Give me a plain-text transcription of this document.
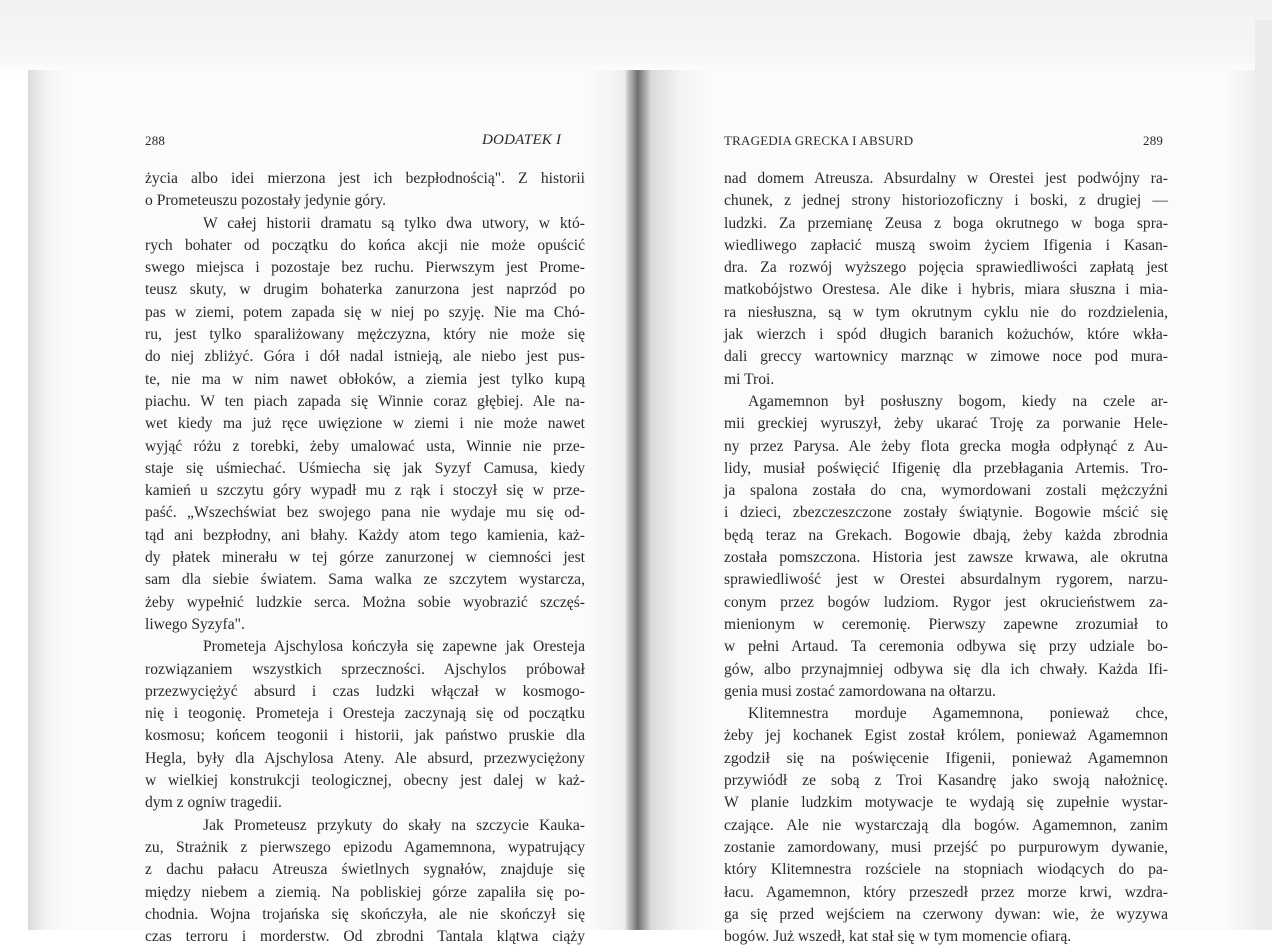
288	DODATEK I	TRAGEDIA GRECKA I ABSURD	289
życia albo idei mierzona jest ich bezpłodnością". Z historii
o Prometeuszu pozostały jedynie góry.
W całej historii dramatu są tylko dwa utwory, w któ-
rych bohater od początku do końca akcji nie może opuścić
swego miejsca i pozostaje bez ruchu. Pierwszym jest Prome-
teusz skuty, w drugim bohaterka zanurzona jest naprzód po
pas w ziemi, potem zapada się w niej po szyję. Nie ma Chó-
ru, jest tylko sparaliżowany mężczyzna, który nie może się
do niej zbliżyć. Góra i dół nadal istnieją, ale niebo jest pus-
te, nie ma w nim nawet obłoków, a ziemia jest tylko kupą
piachu. W ten piach zapada się Winnie coraz głębiej. Ale na-
wet kiedy ma już ręce uwięzione w ziemi i nie może nawet
wyjąć różu z torebki, żeby umalować usta, Winnie nie prze-
staje się uśmiechać. Uśmiecha się jak Syzyf Camusa, kiedy
kamień u szczytu góry wypadł mu z rąk i stoczył się w prze-
paść. „Wszechświat bez swojego pana nie wydaje mu się od-
tąd ani bezpłodny, ani błahy. Każdy atom tego kamienia, każ-
dy płatek minerału w tej górze zanurzonej w ciemności jest
sam dla siebie światem. Sama walka ze szczytem wystarcza,
żeby wypełnić ludzkie serca. Można sobie wyobrazić szczęś-
liwego Syzyfa".
Prometeja Ajschylosa kończyła się zapewne jak Oresteja
rozwiązaniem wszystkich sprzeczności. Ajschylos próbował
przezwyciężyć absurd i czas ludzki włączał w kosmogo-
nię i teogonię. Prometeja i Oresteja zaczynają się od początku
kosmosu; końcem teogonii i historii, jak państwo pruskie dla
Hegla, były dla Ajschylosa Ateny. Ale absurd, przezwyciężony
w wielkiej konstrukcji teologicznej, obecny jest dalej w każ-
dym z ogniw tragedii.
Jak Prometeusz przykuty do skały na szczycie Kauka-
zu, Strażnik z pierwszego epizodu Agamemnona, wypatrujący
z dachu pałacu Atreusza świetlnych sygnałów, znajduje się
między niebem a ziemią. Na pobliskiej górze zapaliła się po-
chodnia. Wojna trojańska się skończyła, ale nie skończył się
czas terroru i morderstw. Od zbrodni Tantala klątwa ciąży
nad domem Atreusza. Absurdalny w Orestei jest podwójny ra-
chunek, z jednej strony historiozoficzny i boski, z drugiej —
ludzki. Za przemianę Zeusa z boga okrutnego w boga spra-
wiedliwego zapłacić muszą swoim życiem Ifigenia i Kasan-
dra. Za rozwój wyższego pojęcia sprawiedliwości zapłatą jest
matkobójstwo Orestesa. Ale dike i hybris, miara słuszna i mia-
ra niesłuszna, są w tym okrutnym cyklu nie do rozdzielenia,
jak wierzch i spód długich baranich kożuchów, które wkła-
dali greccy wartownicy marznąc w zimowe noce pod mura-
mi Troi.
Agamemnon był posłuszny bogom, kiedy na czele ar-
mii greckiej wyruszył, żeby ukarać Troję za porwanie Hele-
ny przez Parysa. Ale żeby flota grecka mogła odpłynąć z Au-
lidy, musiał poświęcić Ifigenię dla przebłagania Artemis. Tro-
ja spalona została do cna, wymordowani zostali mężczyźni
i dzieci, zbezczeszczone zostały świątynie. Bogowie mścić się
będą teraz na Grekach. Bogowie dbają, żeby każda zbrodnia
została pomszczona. Historia jest zawsze krwawa, ale okrutna
sprawiedliwość jest w Orestei absurdalnym rygorem, narzu-
conym przez bogów ludziom. Rygor jest okrucieństwem za-
mienionym w ceremonię. Pierwszy zapewne zrozumiał to
w pełni Artaud. Ta ceremonia odbywa się przy udziale bo-
gów, albo przynajmniej odbywa się dla ich chwały. Każda Ifi-
genia musi zostać zamordowana na ołtarzu.
Klitemnestra morduje Agamemnona, ponieważ chce,
żeby jej kochanek Egist został królem, ponieważ Agamemnon
zgodził się na poświęcenie Ifigenii, ponieważ Agamemnon
przywiódł ze sobą z Troi Kasandrę jako swoją nałożnicę.
W planie ludzkim motywacje te wydają się zupełnie wystar-
czające. Ale nie wystarczają dla bogów. Agamemnon, zanim
zostanie zamordowany, musi przejść po purpurowym dywanie,
który Klitemnestra rozściele na stopniach wiodących do pa-
łacu. Agamemnon, który przeszedł przez morze krwi, wzdra-
ga się przed wejściem na czerwony dywan: wie, że wyzywa
bogów. Już wszedł, kat stał się w tym momencie ofiarą.
